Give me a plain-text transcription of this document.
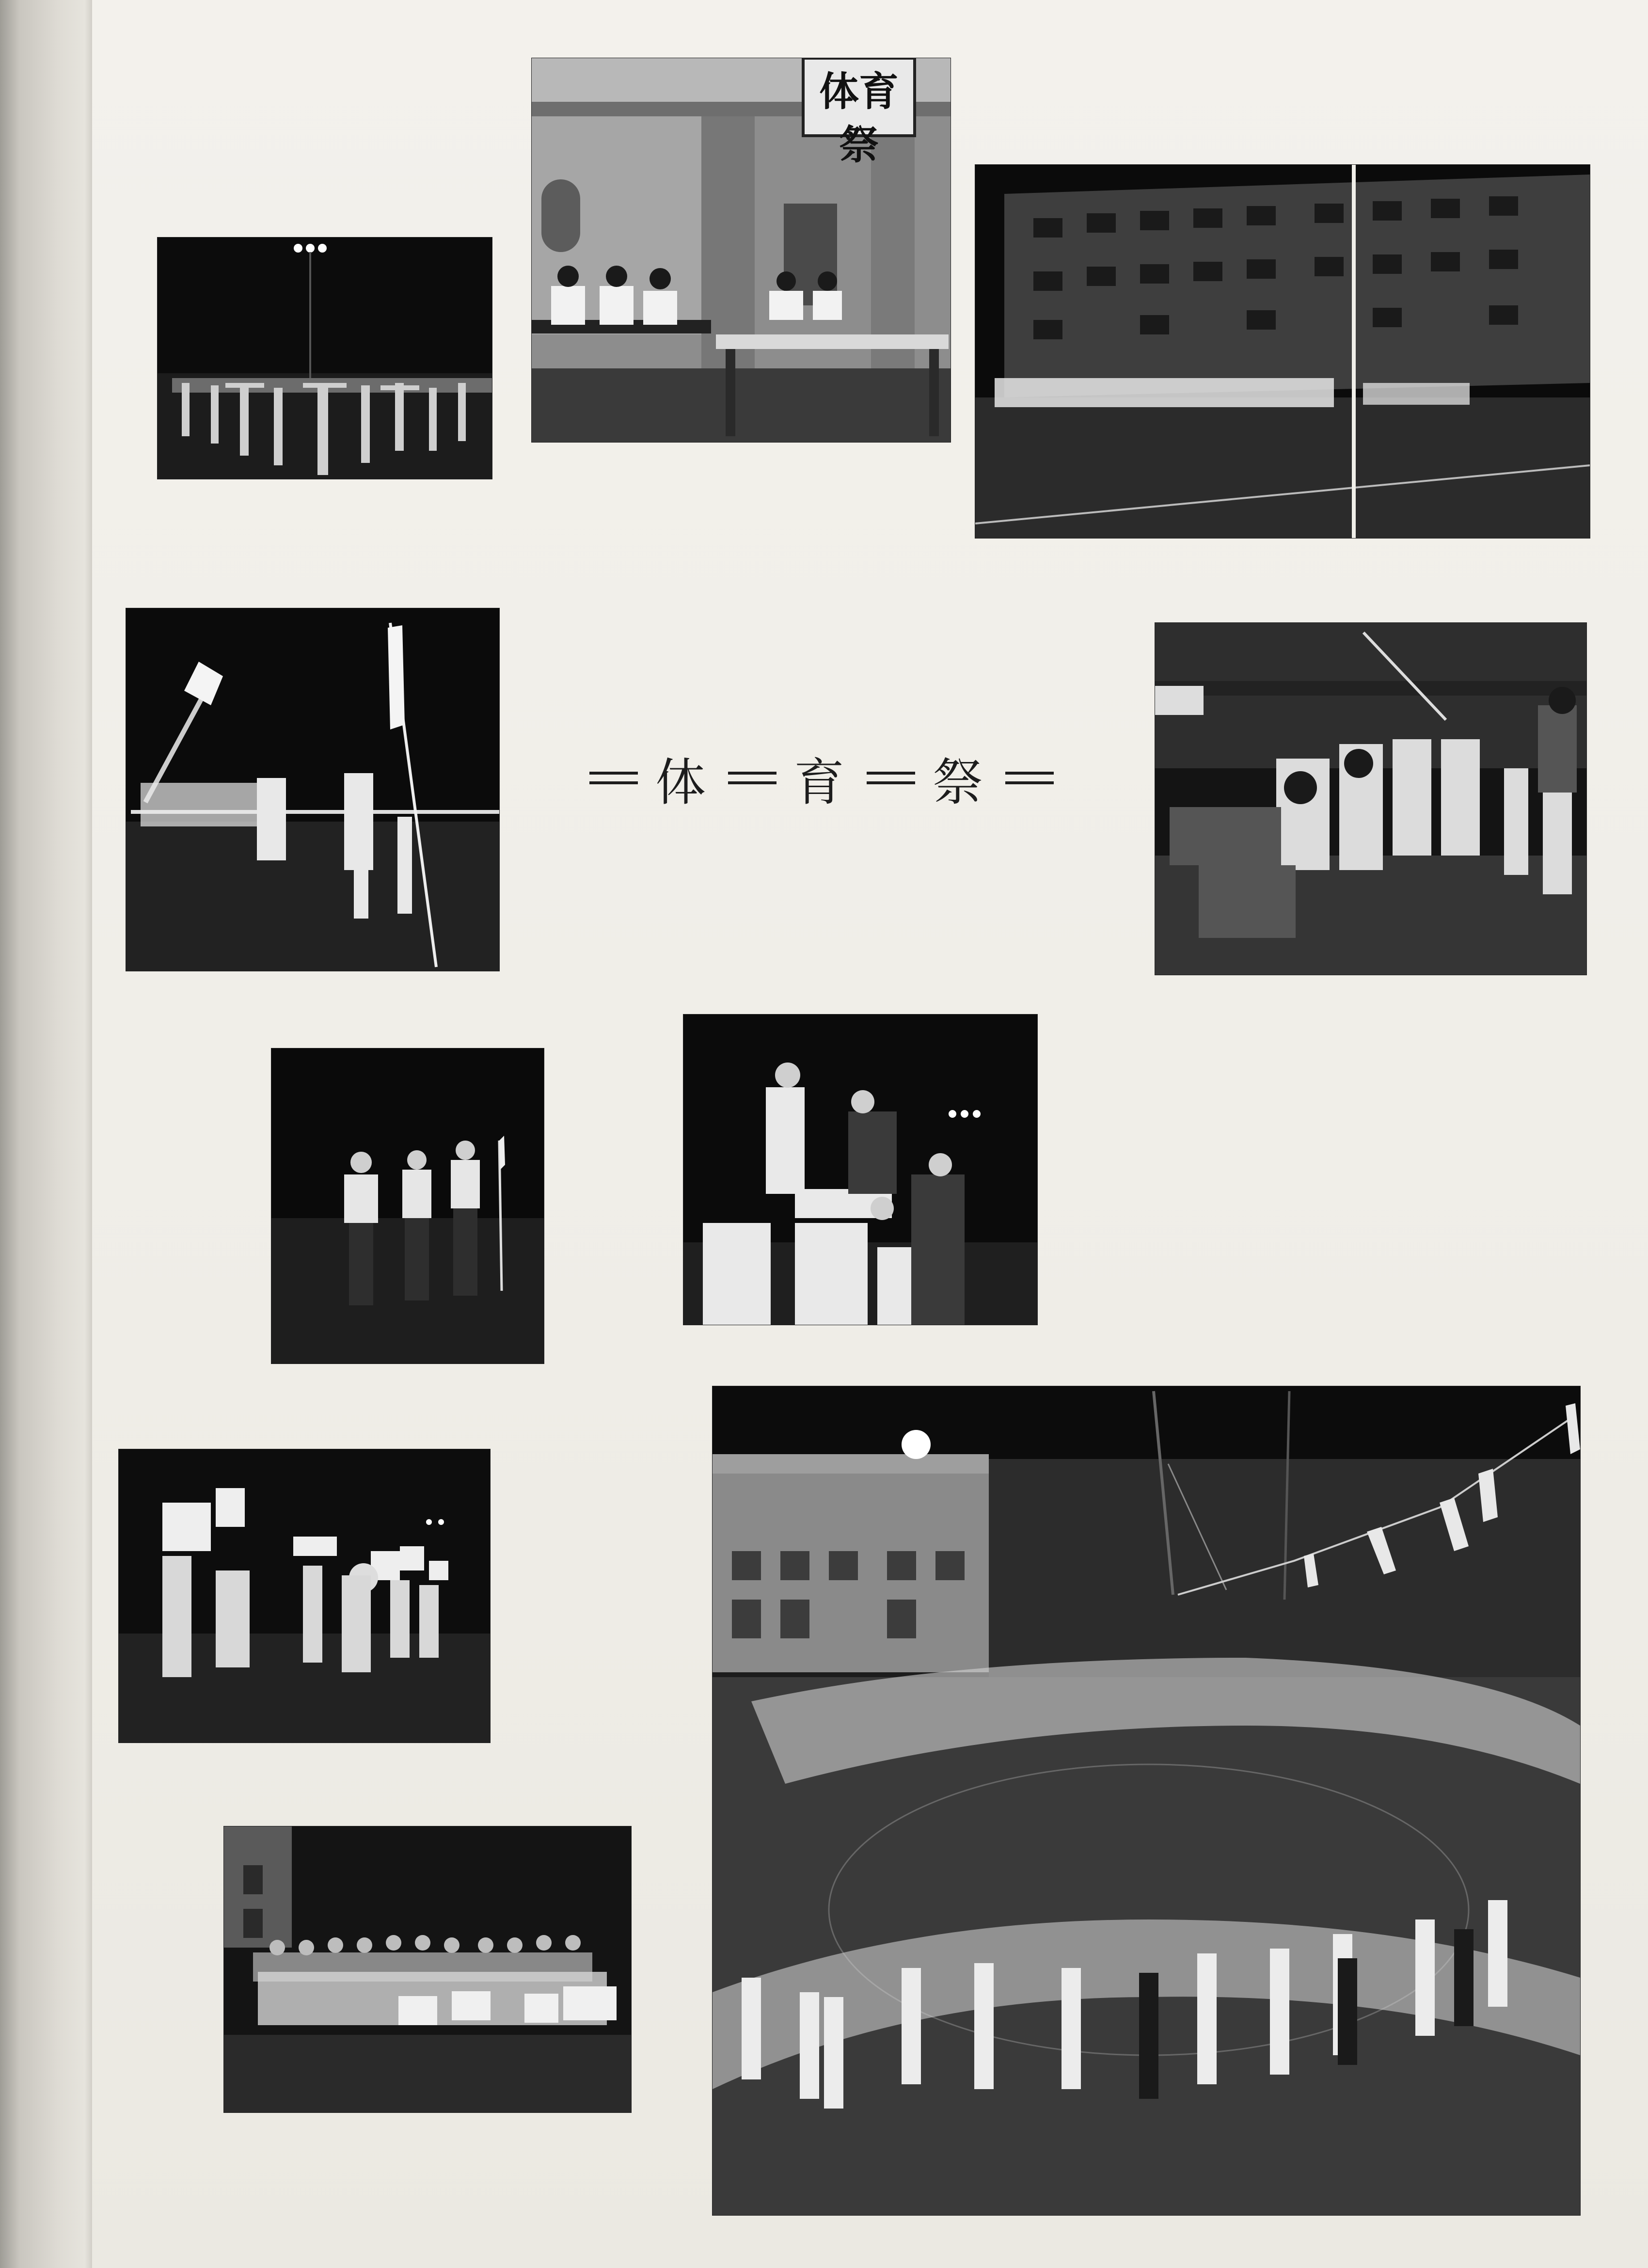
体育祭
体 育 祭
